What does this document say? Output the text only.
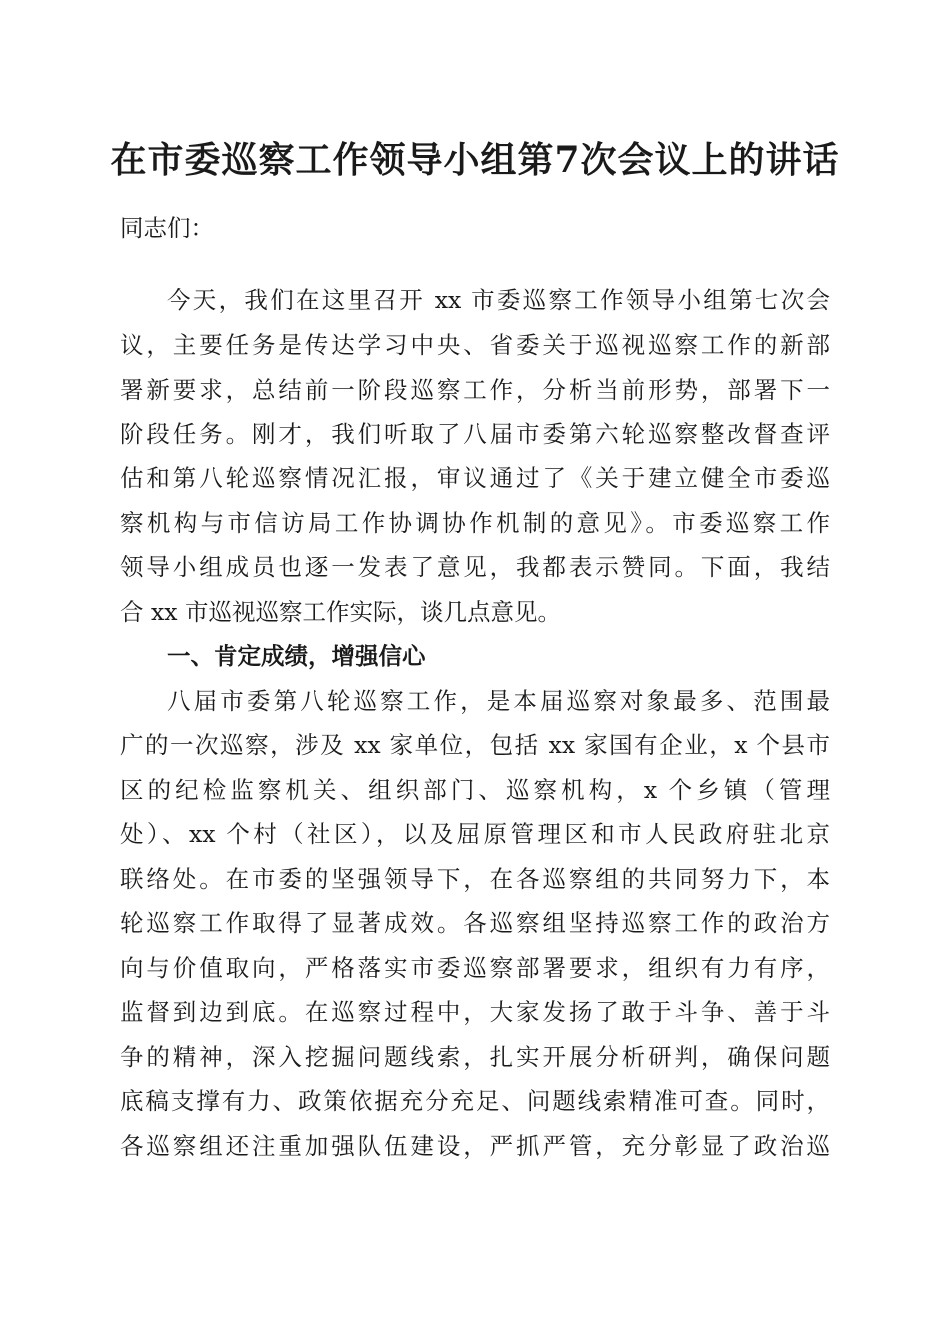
在市委巡察工作领导小组第7次会议上的讲话
同志们：
今天，我们在这里召开 xx 市委巡察工作领导小组第七次会
议，主要任务是传达学习中央、省委关于巡视巡察工作的新部
署新要求，总结前一阶段巡察工作，分析当前形势，部署下一
阶段任务。刚才，我们听取了八届市委第六轮巡察整改督查评
估和第八轮巡察情况汇报，审议通过了《关于建立健全市委巡
察机构与市信访局工作协调协作机制的意见》。市委巡察工作
领导小组成员也逐一发表了意见，我都表示赞同。下面，我结
合 xx 市巡视巡察工作实际，谈几点意见。
一、肯定成绩，增强信心
八届市委第八轮巡察工作，是本届巡察对象最多、范围最
广的一次巡察，涉及 xx 家单位，包括 xx 家国有企业，x 个县市
区的纪检监察机关、组织部门、巡察机构，x 个乡镇（管理
处）、xx 个村（社区），以及屈原管理区和市人民政府驻北京
联络处。在市委的坚强领导下，在各巡察组的共同努力下，本
轮巡察工作取得了显著成效。各巡察组坚持巡察工作的政治方
向与价值取向，严格落实市委巡察部署要求，组织有力有序，
监督到边到底。在巡察过程中，大家发扬了敢于斗争、善于斗
争的精神，深入挖掘问题线索，扎实开展分析研判，确保问题
底稿支撑有力、政策依据充分充足、问题线索精准可查。同时，
各巡察组还注重加强队伍建设，严抓严管，充分彰显了政治巡
